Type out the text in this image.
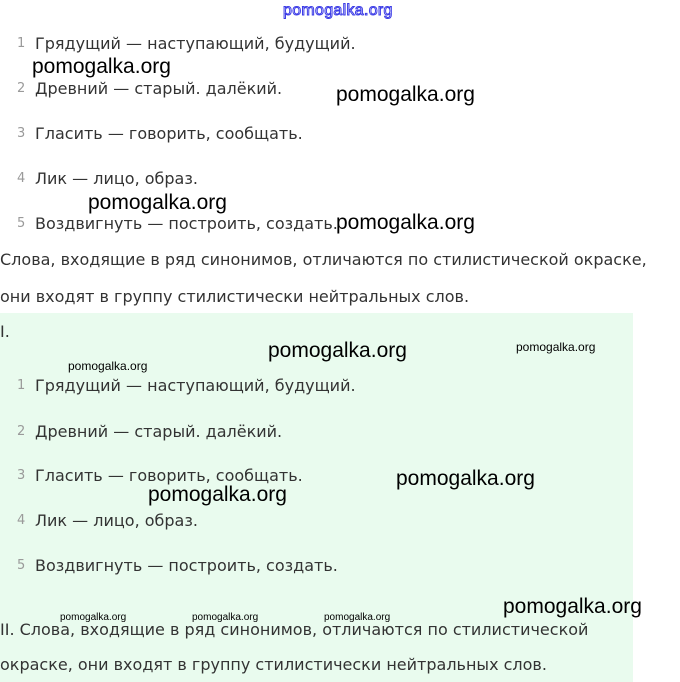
pomogalka.org
1 Грядущий — наступающий, будущий.
2 Древний — старый. далёкий.
3 Гласить — говорить, сообщать.
4 Лик — лицо, образ.
5 Воздвигнуть — построить, создать.
Слова, входящие в ряд синонимов, отличаются по стилистической окраске,
они входят в группу стилистически нейтральных слов.
I.
1 Грядущий — наступающий, будущий.
2 Древний — старый. далёкий.
3 Гласить — говорить, сообщать.
4 Лик — лицо, образ.
5 Воздвигнуть — построить, создать.
II. Слова, входящие в ряд синонимов, отличаются по стилистической
окраске, они входят в группу стилистически нейтральных слов.
pomogalka.org
pomogalka.org
pomogalka.org
pomogalka.org
pomogalka.org	pomogalka.org
pomogalka.org
pomogalka.org
pomogalka.org
pomogalka.org
pomogalka.org	pomogalka.org	pomogalka.org
